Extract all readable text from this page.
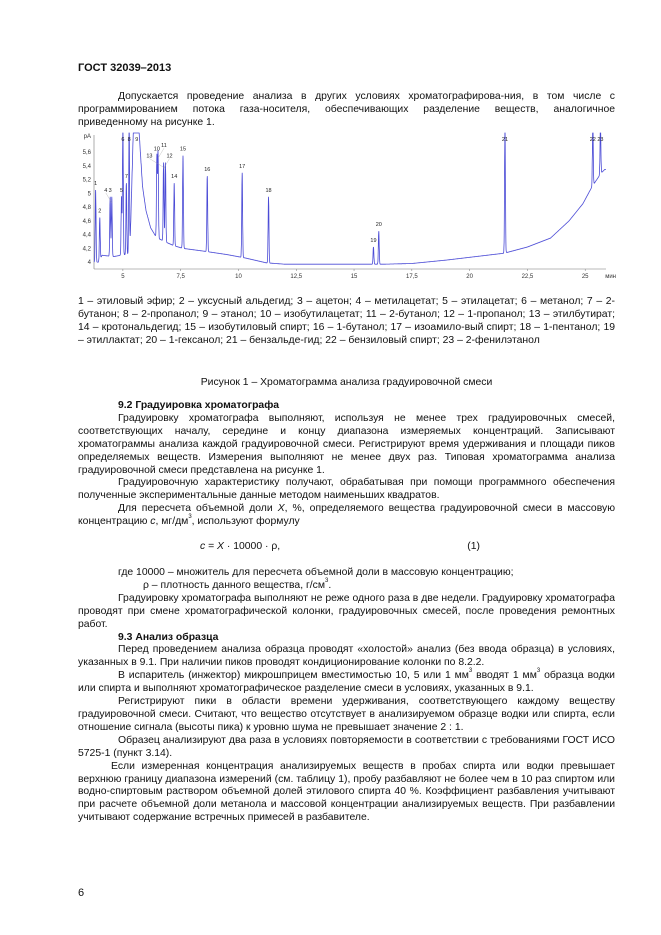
ГОСТ 32039–2013
Допускается проведение анализа в других условиях хроматографирова-ния, в том числе с программированием потока газа-носителя, обеспечивающих разделение веществ, аналогичное приведенному на рисунке 1.
4
4,2
4,4
4,6
4,8
5
5,2
5,4
5,6
pA
5	7,5	10	12,5	15	17,5	20	22,5	25	мин
1
2
3
4 5
6
7
8 9
10
11
12
13
14
15
16
17
18
19
20
21	22 23
1 – этиловый эфир; 2 – уксусный альдегид; 3 – ацетон; 4 – метилацетат; 5 – этилацетат; 6 – метанол; 7 – 2-бутанон; 8 – 2-пропанол; 9 – этанол; 10 – изобутилацетат; 11 – 2-бутанол; 12 – 1-пропанол; 13 – этилбутират; 14 – кротональдегид; 15 – изобутиловый спирт; 16 – 1-бутанол; 17 – изоамило-вый спирт; 18 – 1-пентанол; 19 – этиллактат; 20 – 1-гексанол; 21 – бензальде-гид; 22 – бензиловый спирт; 23 – 2-фенилэтанол
Рисунок 1 – Хроматограмма анализа градуировочной смеси
9.2 Градуировка хроматографа
Градуировку хроматографа выполняют, используя не менее трех градуировочных смесей, соответствующих началу, середине и концу диапазона измеряемых концентраций. Записывают хроматограммы анализа каждой градуировочной смеси. Регистрируют время удерживания и площади пиков определяемых веществ. Измерения выполняют не менее двух раз. Типовая хроматограмма анализа градуировочной смеси представлена на рисунке 1.
Градуировочную характеристику получают, обрабатывая при помощи программного обеспечения полученные экспериментальные данные методом наименьших квадратов.
Для пересчета объемной доли X, %, определяемого вещества градуировочной смеси в массовую концентрацию c, $мг/дм^3$, используют формулу
c = X · 10000 · ρ,	(1)
где 10000 – множитель для пересчета объемной доли в массовую концентрацию;
ρ – плотность данного вещества, $г/см^3$.
Градуировку хроматографа выполняют не реже одного раза в две недели. Градуировку хроматографа проводят при смене хроматографической колонки, градуировочных смесей, после проведения ремонтных работ.
9.3 Анализ образца
Перед проведением анализа образца проводят «холостой» анализ (без ввода образца) в условиях, указанных в 9.1. При наличии пиков проводят кондиционирование колонки по 8.2.2.
В испаритель (инжектор) микрошприцем вместимостью 10, 5 или 1 $мм^3$ вводят 1 $мм^3$ образца водки или спирта и выполняют хроматографическое разделение смеси в условиях, указанных в 9.1.
Регистрируют пики в области времени удерживания, соответствующего каждому веществу градуировочной смеси. Считают, что вещество отсутствует в анализируемом образце водки или спирта, если отношение сигнала (высоты пика) к уровню шума не превышает значение 2 : 1.
Образец анализируют два раза в условиях повторяемости в соответствии с требованиями ГОСТ ИСО 5725-1 (пункт 3.14).
Если измеренная концентрация анализируемых веществ в пробах спирта или водки превышает верхнюю границу диапазона измерений (см. таблицу 1), пробу разбавляют не более чем в 10 раз спиртом или водно-спиртовым раствором объемной долей этилового спирта 40 %. Коэффициент разбавления учитывают при расчете объемной доли метанола и массовой концентрации анализируемых веществ. При разбавлении учитывают содержание встречных примесей в разбавителе.
6
